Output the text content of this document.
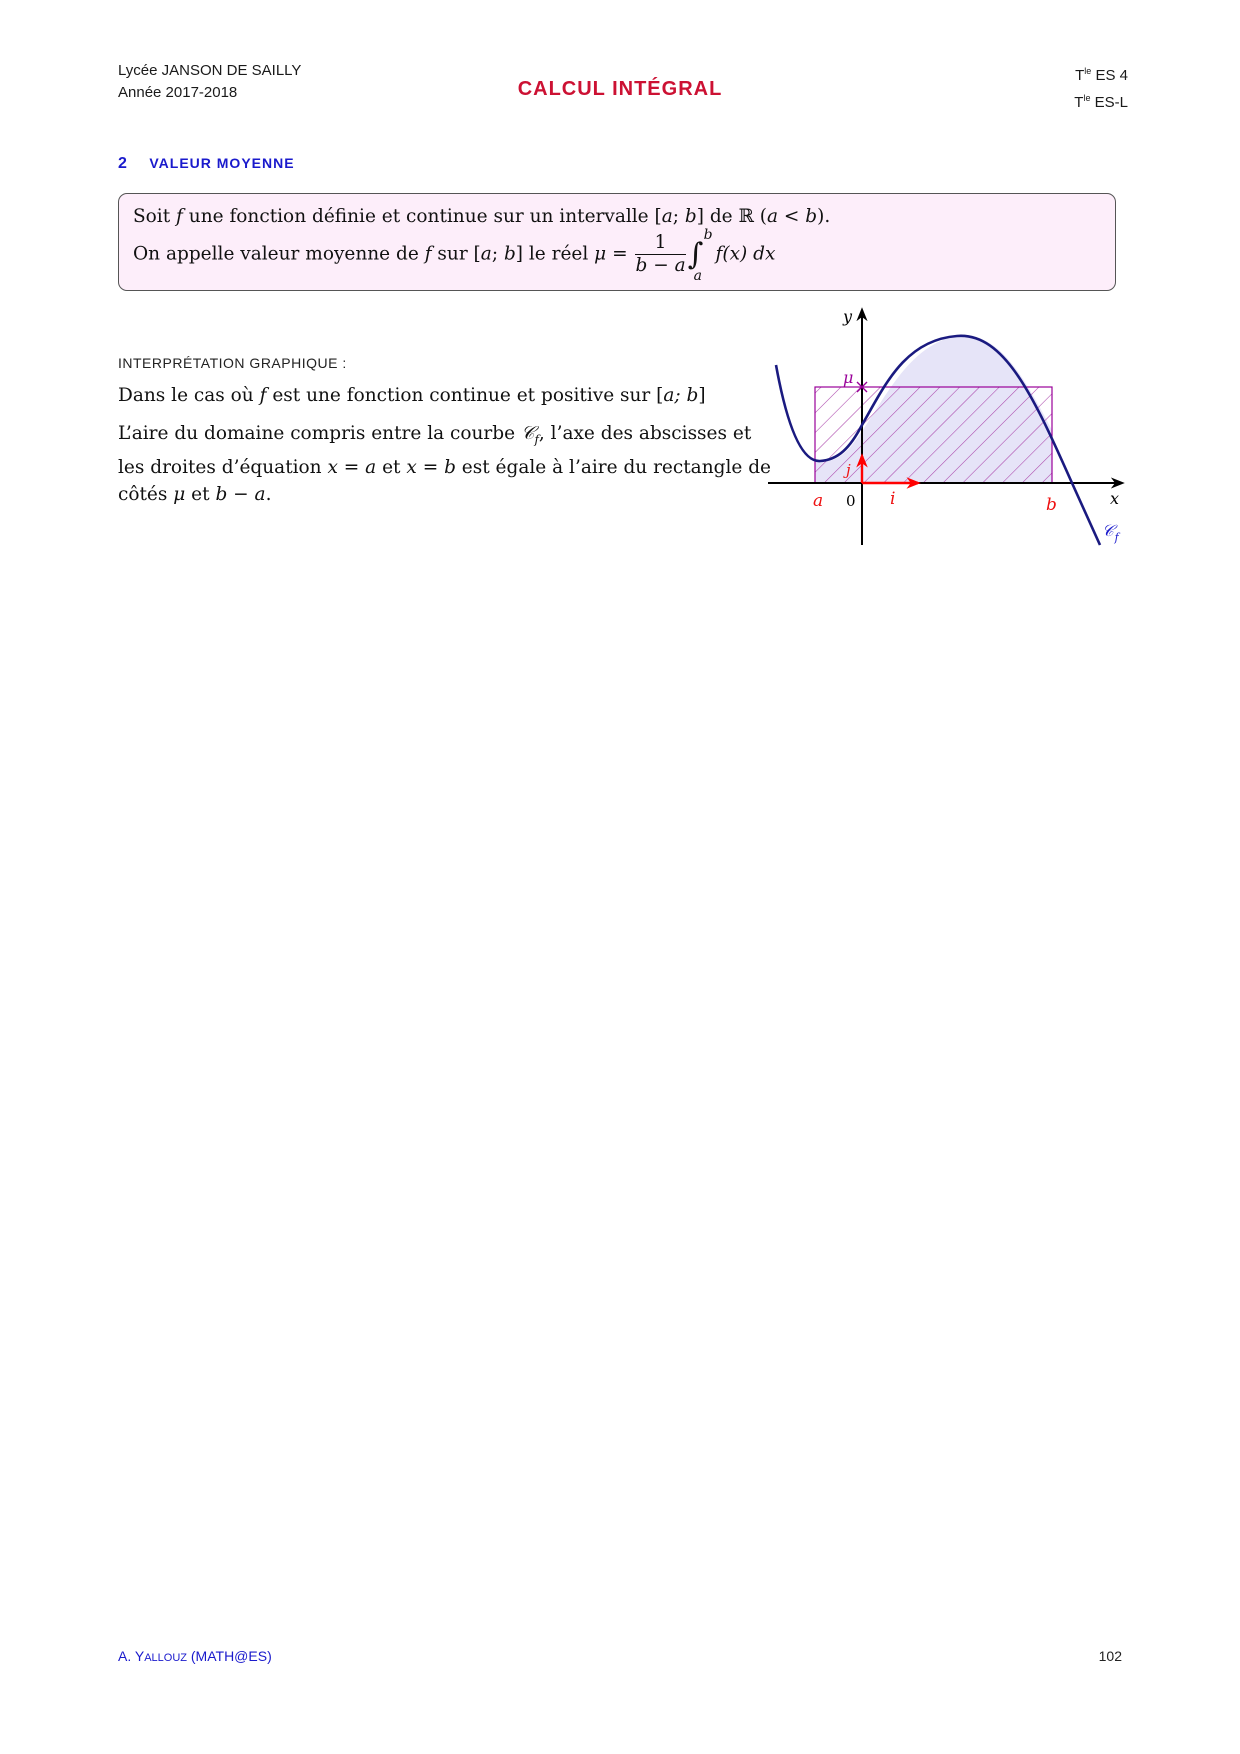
Lycée JANSON DE SAILLY
Année 2017-2018	CALCUL INTÉGRAL
$T^{le}$ ES 4
$T^{le}$ ES-L
2 VALEUR MOYENNE
Soit f une fonction définie et continue sur un intervalle [a; b] de ℝ (a < b).
On appelle valeur moyenne de f sur [a; b] le réel $\mu = \frac{1}{b - a}$ ∫
b
a
f(x) dx
INTERPRÉTATION GRAPHIQUE :
Dans le cas où f est une fonction continue et positive sur [a; b]
L’aire du domaine compris entre la courbe 𝒞$_f$, l’axe des abscisses et
les droites d’équation x = a et x = b est égale à l’aire du rectangle de
côtés μ et b − a.
y
x
μ
a 0 i
j
b
𝒞$_f$
A. YALLOUZ (MATH@ES)	102
